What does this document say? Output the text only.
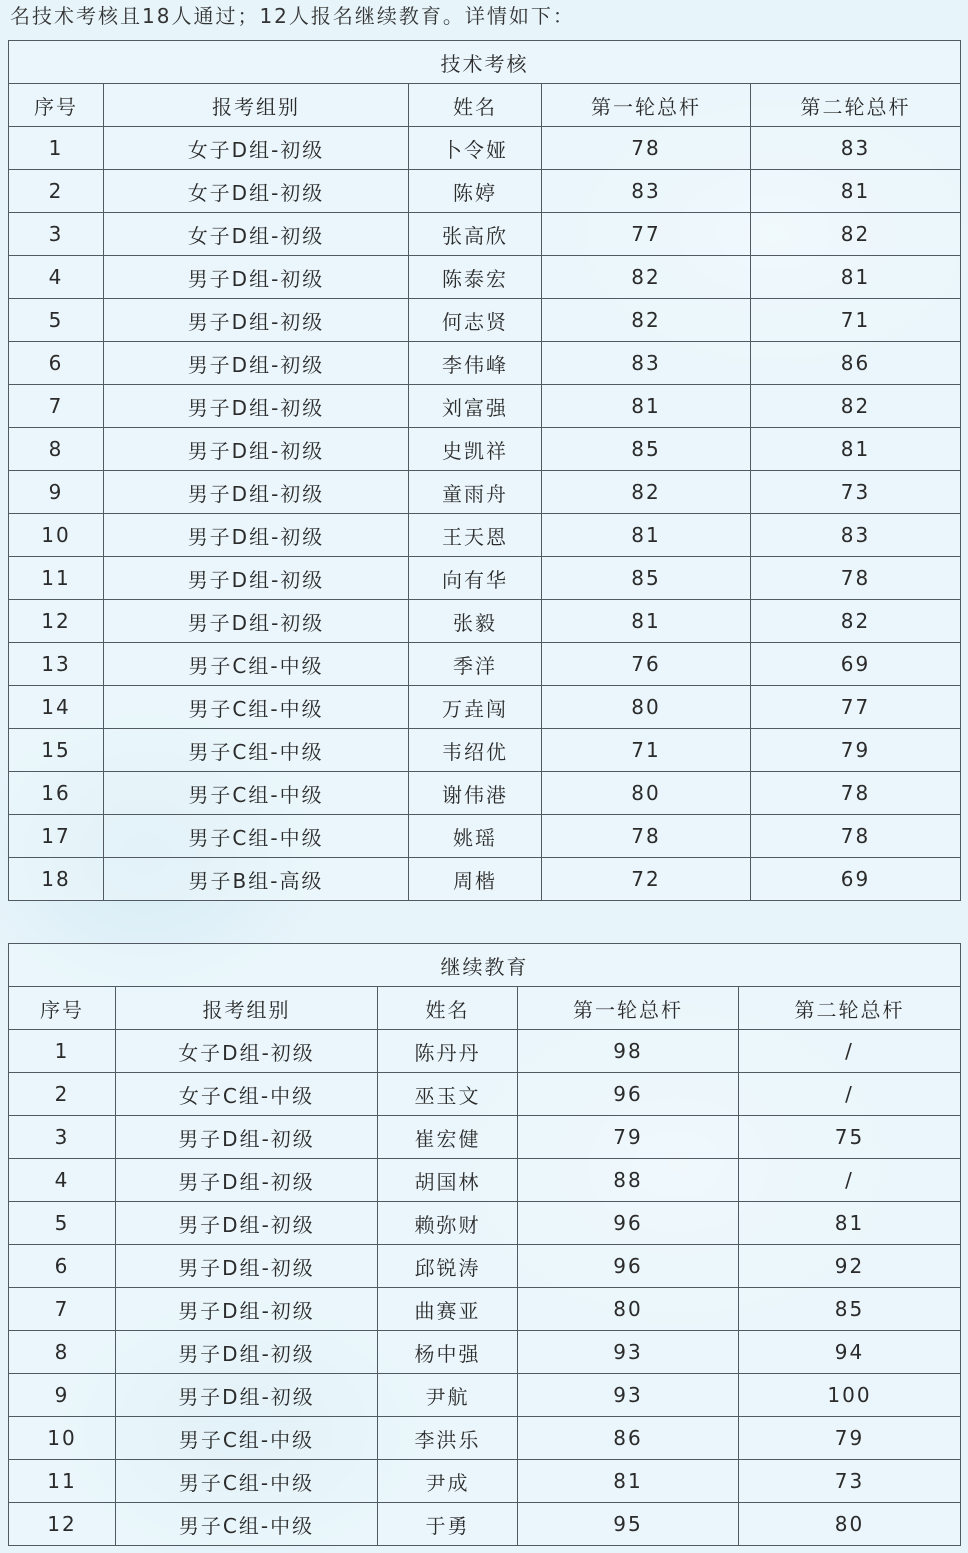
名技术考核且18人通过；12人报名继续教育。详情如下：
技术考核				
序号	报考组别	姓名	第一轮总杆	第二轮总杆
1	女子D组-初级	卜令娅	78	83
2	女子D组-初级	陈婷	83	81
3	女子D组-初级	张高欣	77	82
4	男子D组-初级	陈泰宏	82	81
5	男子D组-初级	何志贤	82	71
6	男子D组-初级	李伟峰	83	86
7	男子D组-初级	刘富强	81	82
8	男子D组-初级	史凯祥	85	81
9	男子D组-初级	童雨舟	82	73
10	男子D组-初级	王天恩	81	83
11	男子D组-初级	向有华	85	78
12	男子D组-初级	张毅	81	82
13	男子C组-中级	季洋	76	69
14	男子C组-中级	万垚闯	80	77
15	男子C组-中级	韦绍优	71	79
16	男子C组-中级	谢伟港	80	78
17	男子C组-中级	姚瑶	78	78
18	男子B组-高级	周楷	72	69
继续教育				
序号	报考组别	姓名	第一轮总杆	第二轮总杆
1	女子D组-初级	陈丹丹	98	/
2	女子C组-中级	巫玉文	96	/
3	男子D组-初级	崔宏健	79	75
4	男子D组-初级	胡国林	88	/
5	男子D组-初级	赖弥财	96	81
6	男子D组-初级	邱锐涛	96	92
7	男子D组-初级	曲赛亚	80	85
8	男子D组-初级	杨中强	93	94
9	男子D组-初级	尹航	93	100
10	男子C组-中级	李洪乐	86	79
11	男子C组-中级	尹成	81	73
12	男子C组-中级	于勇	95	80
